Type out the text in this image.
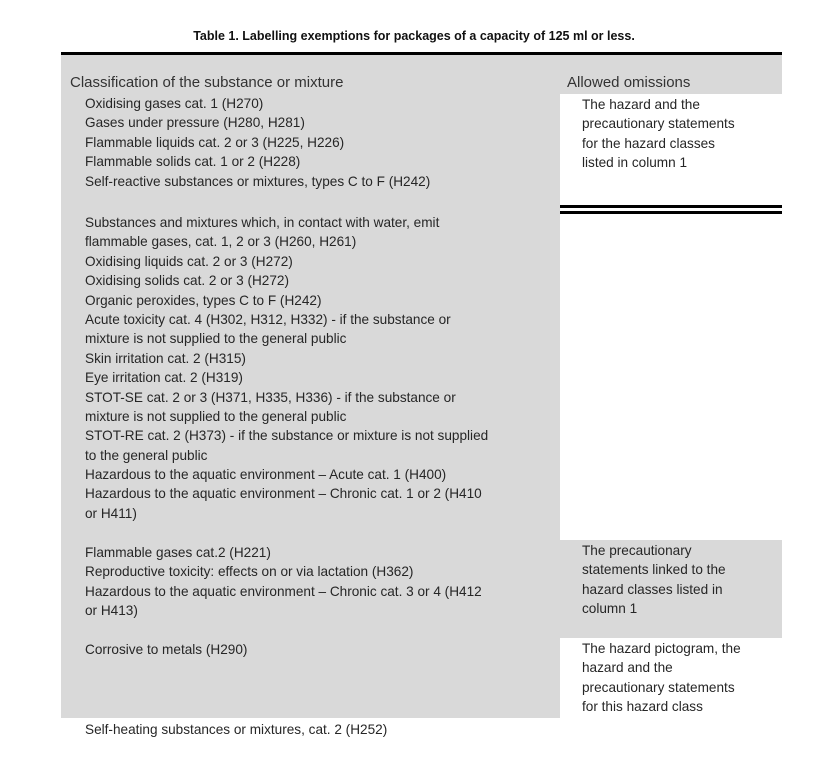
Table 1. Labelling exemptions for packages of a capacity of 125 ml or less.
Classification of the substance or mixture	Allowed omissions
Oxidising gases cat. 1 (H270)
Gases under pressure (H280, H281)
Flammable liquids cat. 2 or 3 (H225, H226)
Flammable solids cat. 1 or 2 (H228)
Self-reactive substances or mixtures, types C to F (H242)
The hazard and the
precautionary statements
for the hazard classes
listed in column 1
Substances and mixtures which, in contact with water, emit
flammable gases, cat. 1, 2 or 3 (H260, H261)
Oxidising liquids cat. 2 or 3 (H272)
Oxidising solids cat. 2 or 3 (H272)
Organic peroxides, types C to F (H242)
Acute toxicity cat. 4 (H302, H312, H332) - if the substance or
mixture is not supplied to the general public
Skin irritation cat. 2 (H315)
Eye irritation cat. 2 (H319)
STOT-SE cat. 2 or 3 (H371, H335, H336) - if the substance or
mixture is not supplied to the general public
STOT-RE cat. 2 (H373) - if the substance or mixture is not supplied
to the general public
Hazardous to the aquatic environment – Acute cat. 1 (H400)
Hazardous to the aquatic environment – Chronic cat. 1 or 2 (H410
or H411)
Flammable gases cat.2 (H221)
Reproductive toxicity: effects on or via lactation (H362)
Hazardous to the aquatic environment – Chronic cat. 3 or 4 (H412
or H413)
The precautionary
statements linked to the
hazard classes listed in
column 1
Corrosive to metals (H290)	The hazard pictogram, the
hazard and the
precautionary statements
for this hazard class
Self-heating substances or mixtures, cat. 2 (H252)
